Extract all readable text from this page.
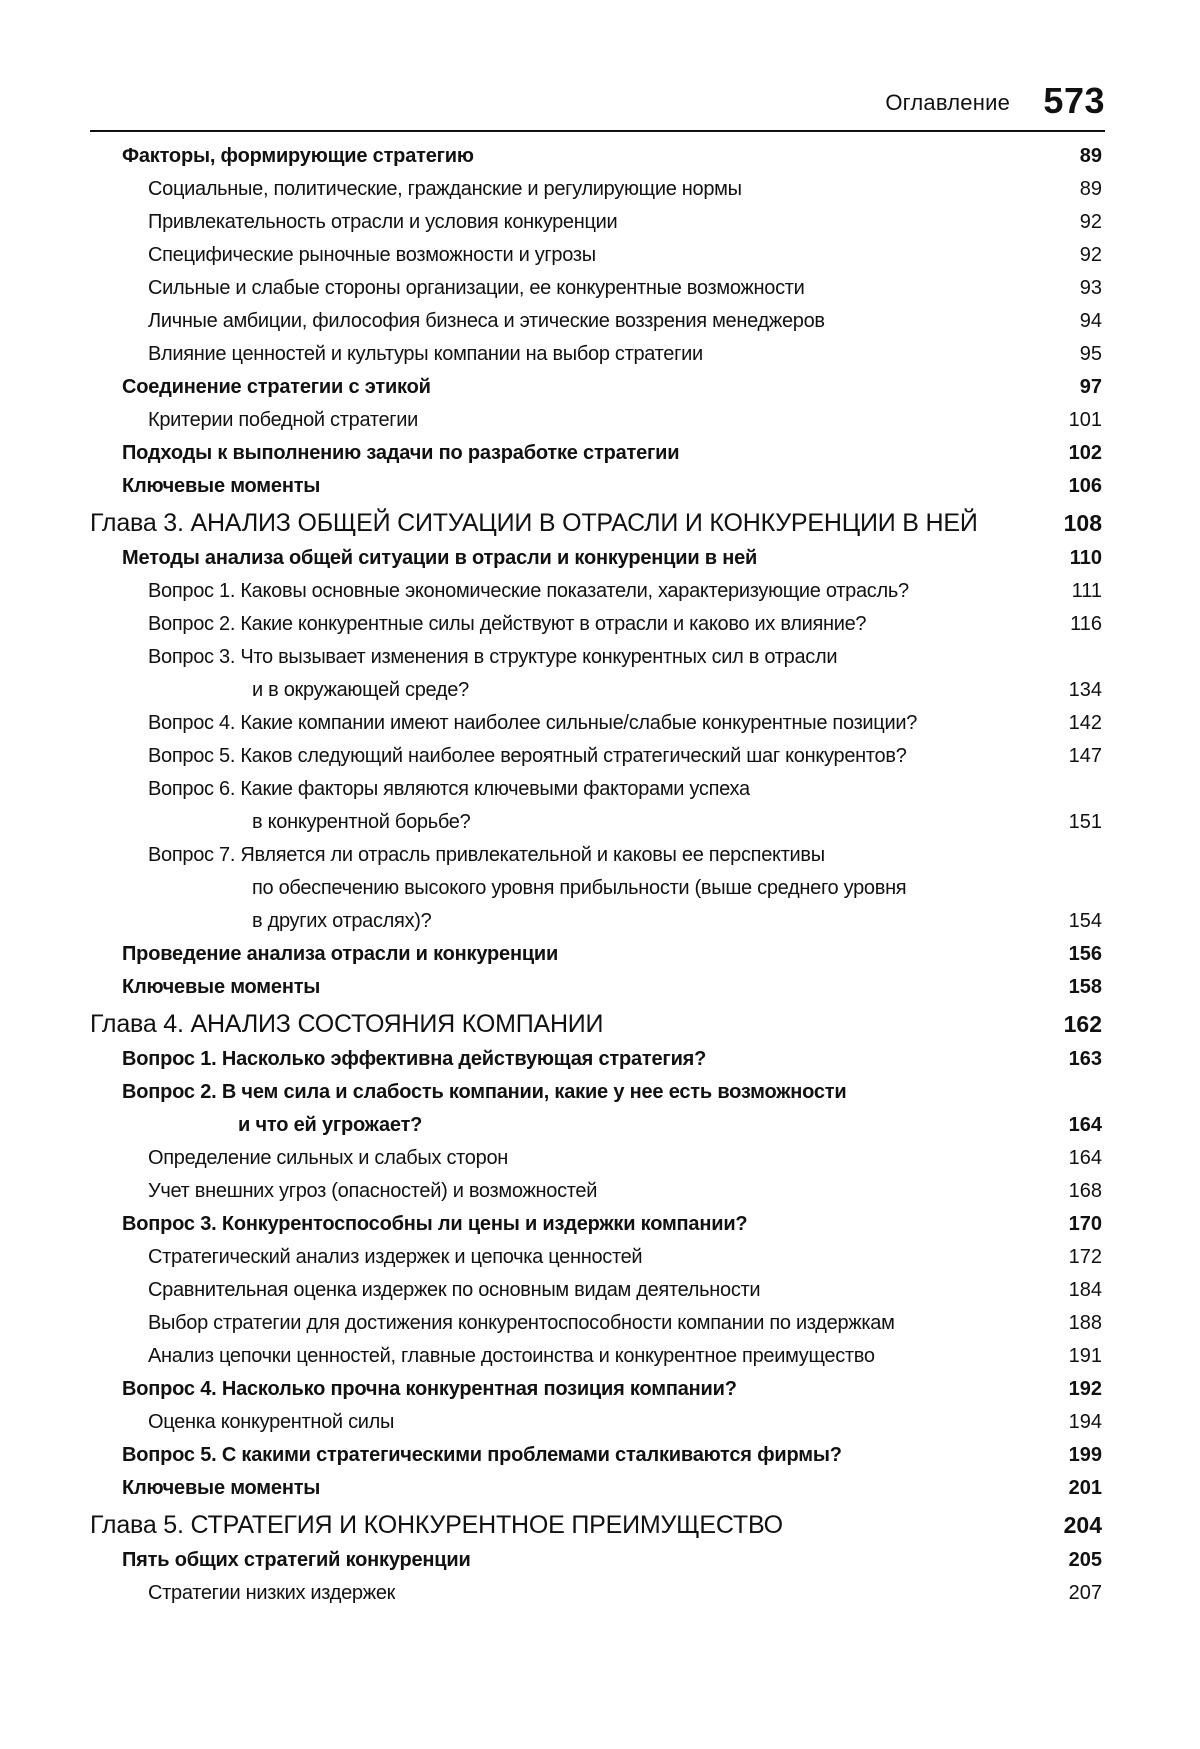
Оглавление 573
Факторы, формирующие стратегию	89
Социальные, политические, гражданские и регулирующие нормы	89
Привлекательность отрасли и условия конкуренции	92
Специфические рыночные возможности и угрозы	92
Сильные и слабые стороны организации, ее конкурентные возможности	93
Личные амбиции, философия бизнеса и этические воззрения менеджеров	94
Влияние ценностей и культуры компании на выбор стратегии	95
Соединение стратегии с этикой	97
Критерии победной стратегии	101
Подходы к выполнению задачи по разработке стратегии	102
Ключевые моменты	106
Глава 3. АНАЛИЗ ОБЩЕЙ СИТУАЦИИ В ОТРАСЛИ И КОНКУРЕНЦИИ В НЕЙ	108
Методы анализа общей ситуации в отрасли и конкуренции в ней	110
Вопрос 1. Каковы основные экономические показатели, характеризующие отрасль?	111
Вопрос 2. Какие конкурентные силы действуют в отрасли и каково их влияние?	116
Вопрос 3. Что вызывает изменения в структуре конкурентных сил в отрасли
и в окружающей среде?	134
Вопрос 4. Какие компании имеют наиболее сильные/слабые конкурентные позиции?	142
Вопрос 5. Каков следующий наиболее вероятный стратегический шаг конкурентов?	147
Вопрос 6. Какие факторы являются ключевыми факторами успеха
в конкурентной борьбе?	151
Вопрос 7. Является ли отрасль привлекательной и каковы ее перспективы
по обеспечению высокого уровня прибыльности (выше среднего уровня
в других отраслях)?	154
Проведение анализа отрасли и конкуренции	156
Ключевые моменты	158
Глава 4. АНАЛИЗ СОСТОЯНИЯ КОМПАНИИ	162
Вопрос 1. Насколько эффективна действующая стратегия?	163
Вопрос 2. В чем сила и слабость компании, какие у нее есть возможности
и что ей угрожает?	164
Определение сильных и слабых сторон	164
Учет внешних угроз (опасностей) и возможностей	168
Вопрос 3. Конкурентоспособны ли цены и издержки компании?	170
Стратегический анализ издержек и цепочка ценностей	172
Сравнительная оценка издержек по основным видам деятельности	184
Выбор стратегии для достижения конкурентоспособности компании по издержкам	188
Анализ цепочки ценностей, главные достоинства и конкурентное преимущество	191
Вопрос 4. Насколько прочна конкурентная позиция компании?	192
Оценка конкурентной силы	194
Вопрос 5. С какими стратегическими проблемами сталкиваются фирмы?	199
Ключевые моменты	201
Глава 5. СТРАТЕГИЯ И КОНКУРЕНТНОЕ ПРЕИМУЩЕСТВО	204
Пять общих стратегий конкуренции	205
Стратегии низких издержек	207
